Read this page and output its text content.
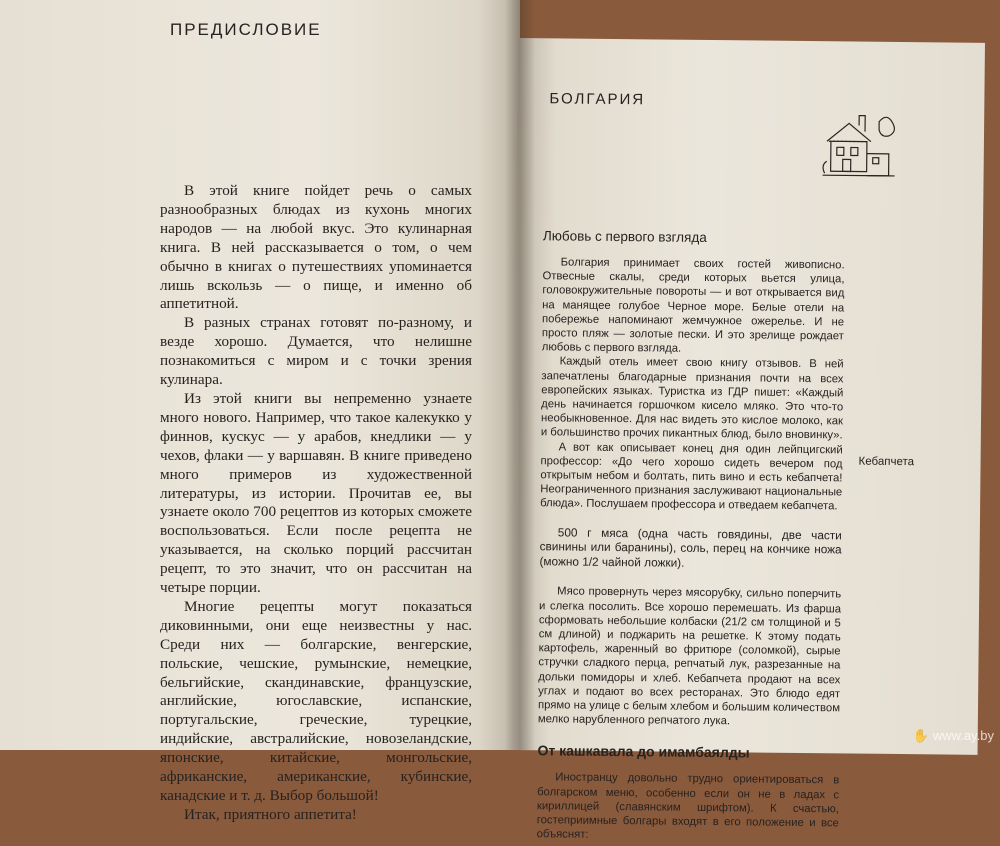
ПРЕДИСЛОВИЕ

В этой книге пойдет речь о самых разнообразных блюдах из кухонь многих народов — на любой вкус. Это кулинарная книга. В ней рассказывается о том, о чем обычно в книгах о путешествиях упоминается лишь вскользь — о пище, и именно об аппетитной.

В разных странах готовят по-разному, и везде хорошо. Думается, что нелишне познакомиться с миром и с точки зрения кулинара.

Из этой книги вы непременно узнаете много нового. Например, что такое калекукко у финнов, кускус — у арабов, кнедлики — у чехов, флаки — у варшавян. В книге приведено много примеров из художественной литературы, из истории. Прочитав ее, вы узнаете около 700 рецептов из которых сможете воспользоваться. Если после рецепта не указывается, на сколько порций рассчитан рецепт, то это значит, что он рассчитан на четыре порции.

Многие рецепты могут показаться диковинными, они еще неизвестны у нас. Среди них — болгарские, венгерские, польские, чешские, румынские, немецкие, бельгийские, скандинавские, французские, английские, югославские, испанские, португальские, греческие, турецкие, индийские, австралийские, новозеландские, японские, китайские, монгольские, африканские, американские, кубинские, канадские и т. д. Выбор большой!

Итак, приятного аппетита!

БОЛГАРИЯ
Любовь с первого взгляда

Болгария принимает своих гостей живописно. Отвесные скалы, среди которых вьется улица, головокружительные повороты — и вот открывается вид на манящее голубое Черное море. Белые отели на побережье напоминают жемчужное ожерелье. И не просто пляж — золотые пески. И это зрелище рождает любовь с первого взгляда.

Каждый отель имеет свою книгу отзывов. В ней запечатлены благодарные признания почти на всех европейских языках. Туристка из ГДР пишет: «Каждый день начинается горшочком кисело мляко. Это что-то необыкновенное. Для нас видеть это кислое молоко, как и большинство прочих пикантных блюд, было вновинку».

А вот как описывает конец дня один лейпцигский профессор: «До чего хорошо сидеть вечером под открытым небом и болтать, пить вино и есть кебапчета! Неограниченного признания заслуживают национальные блюда». Послушаем профессора и отведаем кебапчета.

500 г мяса (одна часть говядины, две части свинины или баранины), соль, перец на кончике ножа (можно 1/2 чайной ложки).

Мясо провернуть через мясорубку, сильно поперчить и слегка посолить. Все хорошо перемешать. Из фарша сформовать небольшие колбаски (21/2 см толщиной и 5 см длиной) и поджарить на решетке. К этому подать картофель, жаренный во фритюре (соломкой), сырые стручки сладкого перца, репчатый лук, разрезанные на дольки помидоры и хлеб. Кебапчета продают на всех углах и подают во всех ресторанах. Это блюдо едят прямо на улице с белым хлебом и большим количеством мелко нарубленного репчатого лука.

От кашкавала до имамбаялды

Иностранцу довольно трудно ориентироваться в болгарском меню, особенно если он не в ладах с кириллицей (славянским шрифтом). К счастью, гостеприимные болгары входят в его положение и все объяснят:

Кебапчета
✋ www.ay.by
